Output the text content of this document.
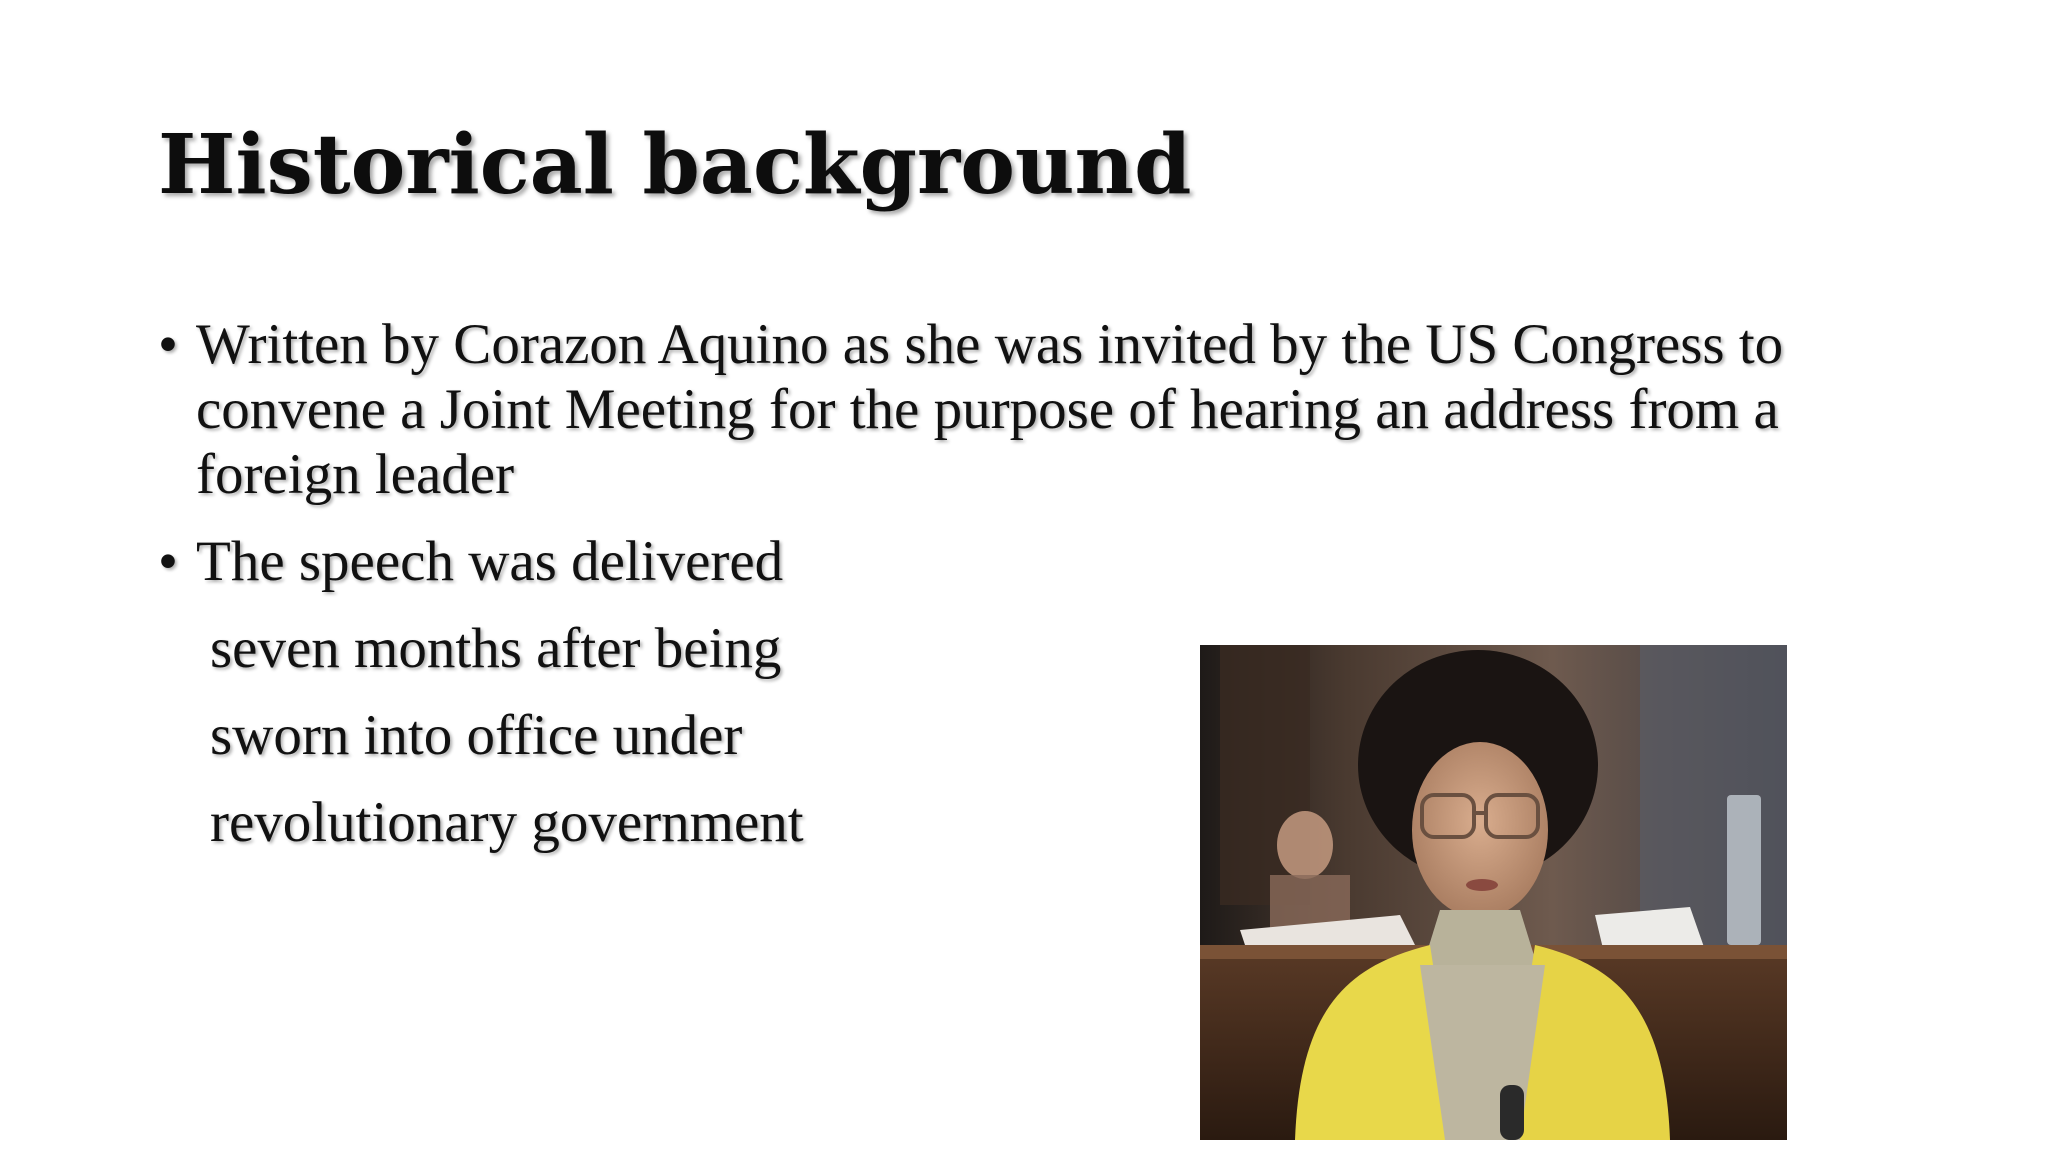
Historical background
• Written by Corazon Aquino as she was invited by the US Congress to convene a Joint Meeting for the purpose of hearing an address from a foreign leader
• The speech was delivered
seven months after being
sworn into office under
revolutionary government
